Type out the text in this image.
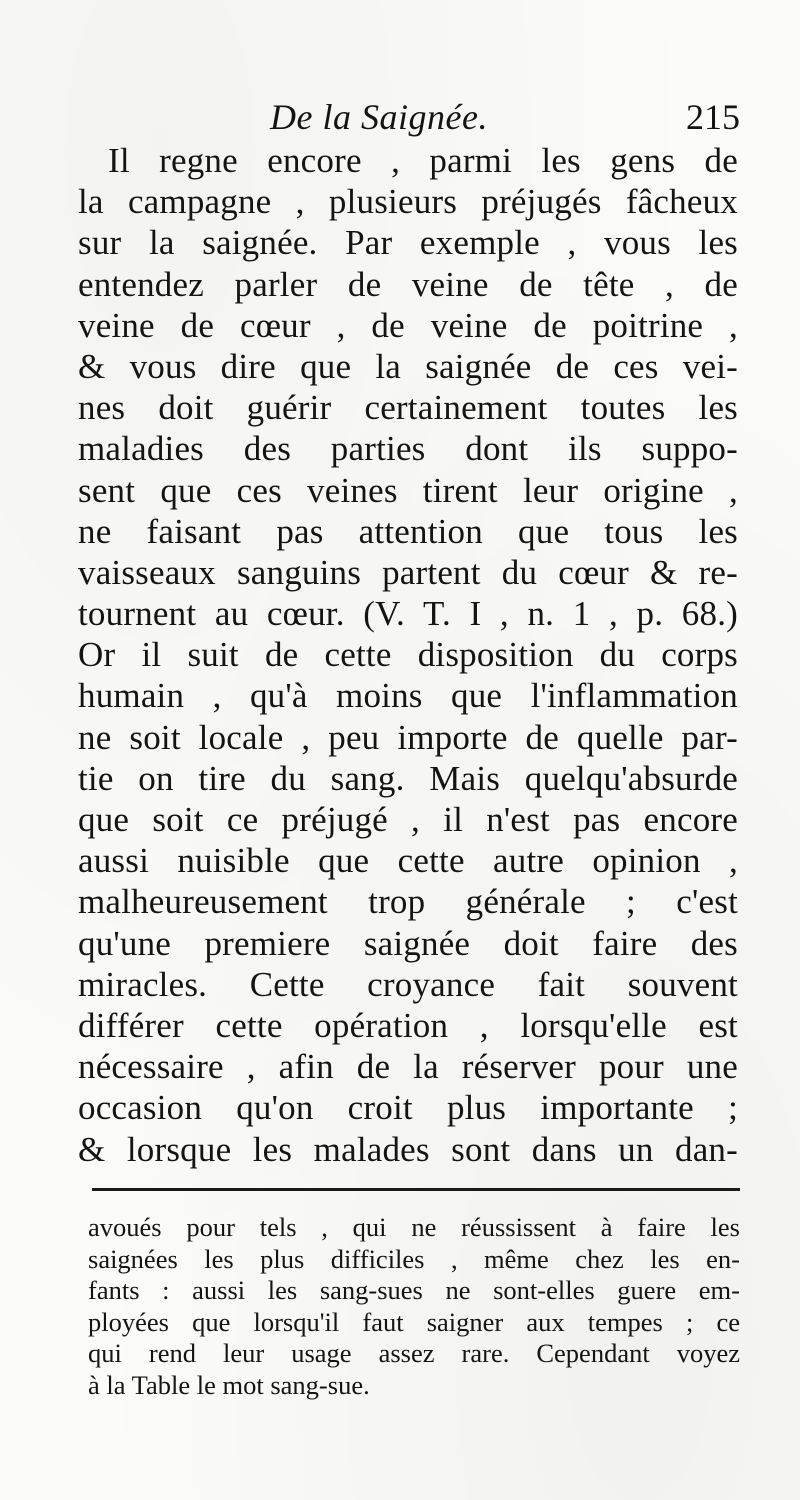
De la Saignée.	215
Il regne encore , parmi les gens de
la campagne , plusieurs préjugés fâcheux
sur la saignée. Par exemple , vous les
entendez parler de veine de tête , de
veine de cœur , de veine de poitrine ,
& vous dire que la saignée de ces vei-
nes doit guérir certainement toutes les
maladies des parties dont ils suppo-
sent que ces veines tirent leur origine ,
ne faisant pas attention que tous les
vaisseaux sanguins partent du cœur & re-
tournent au cœur. (V. T. I , n. 1 , p. 68.)
Or il suit de cette disposition du corps
humain , qu'à moins que l'inflammation
ne soit locale , peu importe de quelle par-
tie on tire du sang. Mais quelqu'absurde
que soit ce préjugé , il n'est pas encore
aussi nuisible que cette autre opinion ,
malheureusement trop générale ; c'est
qu'une premiere saignée doit faire des
miracles. Cette croyance fait souvent
différer cette opération , lorsqu'elle est
nécessaire , afin de la réserver pour une
occasion qu'on croit plus importante ;
& lorsque les malades sont dans un dan-
avoués pour tels , qui ne réussissent à faire les
saignées les plus difficiles , même chez les en-
fants : aussi les sang-sues ne sont-elles guere em-
ployées que lorsqu'il faut saigner aux tempes ; ce
qui rend leur usage assez rare. Cependant voyez
à la Table le mot sang-sue.
